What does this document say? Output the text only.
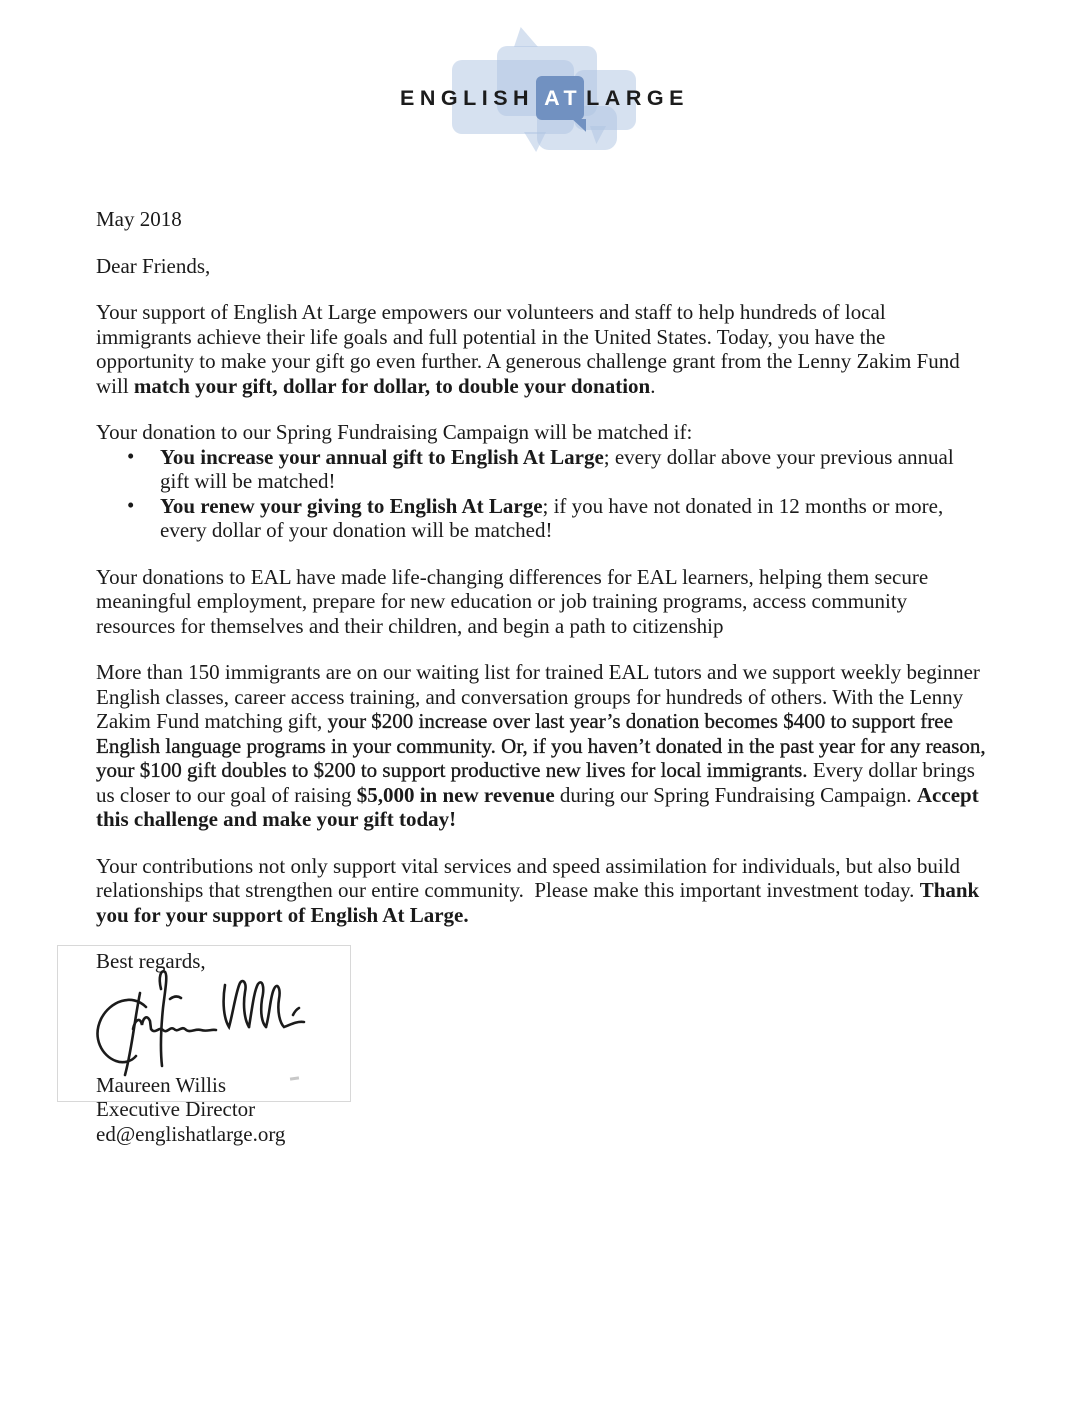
ENGLISH AT LARGE

May 2018

Dear Friends,

Your support of English At Large empowers our volunteers and staff to help hundreds of local immigrants achieve their life goals and full potential in the United States. Today, you have the opportunity to make your gift go even further. A generous challenge grant from the Lenny Zakim Fund will match your gift, dollar for dollar, to double your donation.

Your donation to our Spring Fundraising Campaign will be matched if:

• You increase your annual gift to English At Large; every dollar above your previous annual gift will be matched!
• You renew your giving to English At Large; if you have not donated in 12 months or more, every dollar of your donation will be matched!

Your donations to EAL have made life-changing differences for EAL learners, helping them secure meaningful employment, prepare for new education or job training programs, access community resources for themselves and their children, and begin a path to citizenship

More than 150 immigrants are on our waiting list for trained EAL tutors and we support weekly beginner English classes, career access training, and conversation groups for hundreds of others. With the Lenny Zakim Fund matching gift, your $200 increase over last year’s donation becomes $400 to support free English language programs in your community. Or, if you haven’t donated in the past year for any reason, your $100 gift doubles to $200 to support productive new lives for local immigrants. Every dollar brings us closer to our goal of raising $5,000 in new revenue during our Spring Fundraising Campaign. Accept this challenge and make your gift today!

Your contributions not only support vital services and speed assimilation for individuals, but also build relationships that strengthen our entire community.  Please make this important investment today. Thank you for your support of English At Large.

Best regards,

Maureen Willis
Executive Director
ed@englishatlarge.org
